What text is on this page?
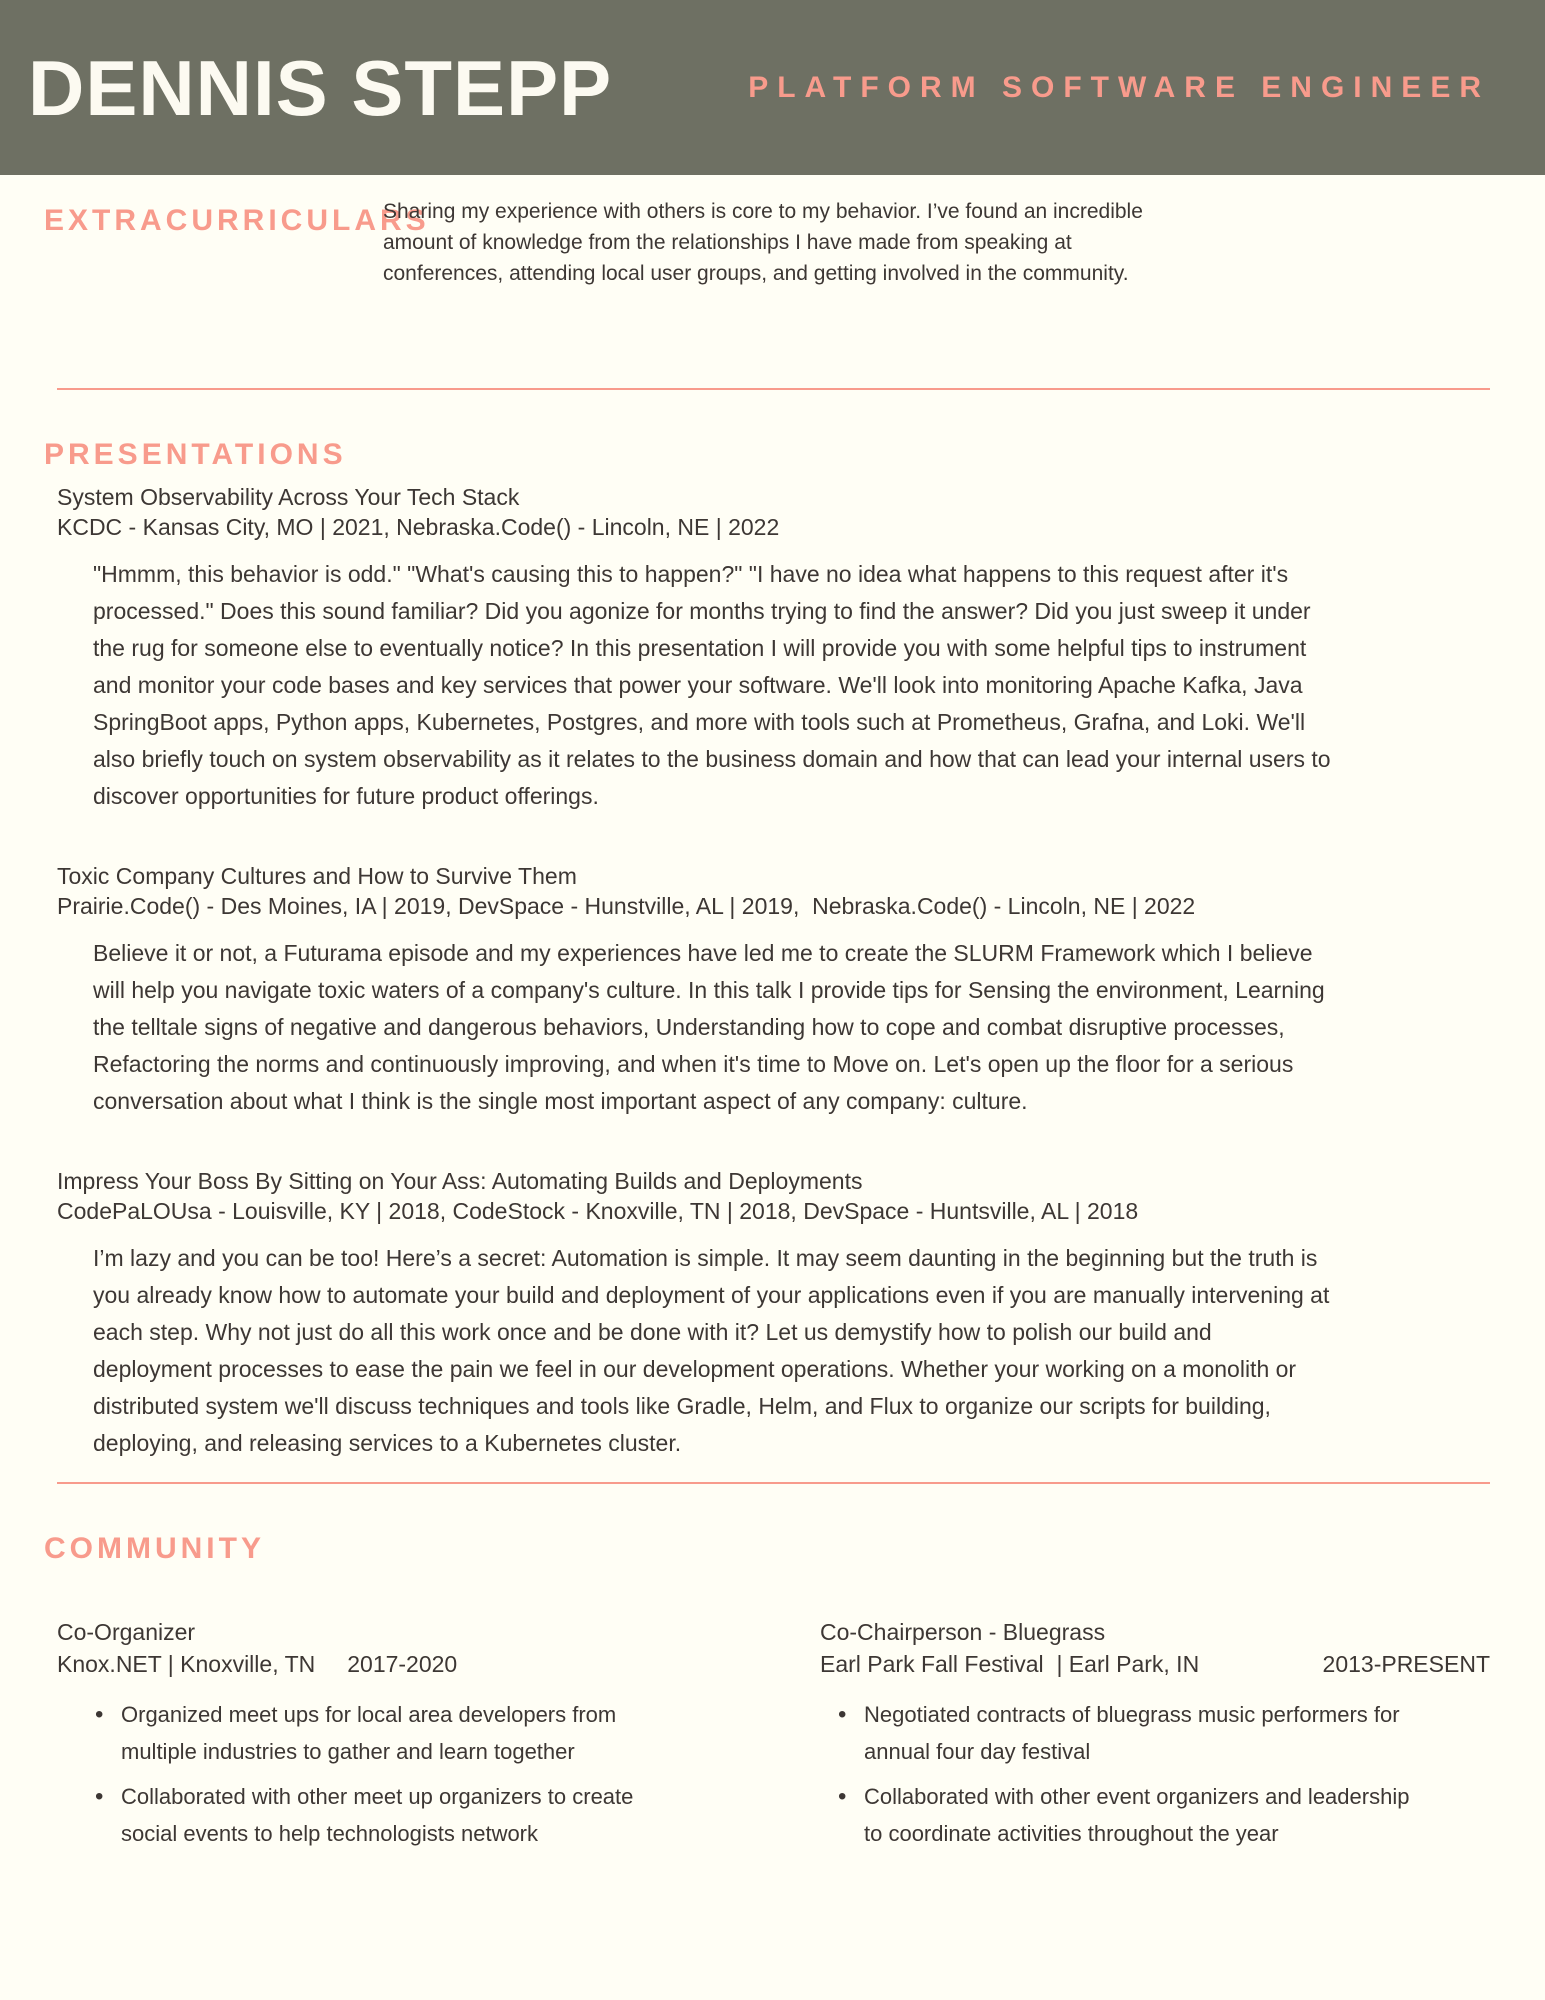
DENNIS STEPP	PLATFORM SOFTWARE ENGINEER
EXTRACURRICULARS

Sharing my experience with others is core to my behavior. I’ve found an incredible amount of knowledge from the relationships I have made from speaking at conferences, attending local user groups, and getting involved in the community.

PRESENTATIONS

System Observability Across Your Tech Stack

KCDC - Kansas City, MO | 2021, Nebraska.Code() - Lincoln, NE | 2022

"Hmmm, this behavior is odd." "What's causing this to happen?" "I have no idea what happens to this request after it's processed." Does this sound familiar? Did you agonize for months trying to find the answer? Did you just sweep it under the rug for someone else to eventually notice? In this presentation I will provide you with some helpful tips to instrument and monitor your code bases and key services that power your software. We'll look into monitoring Apache Kafka, Java SpringBoot apps, Python apps, Kubernetes, Postgres, and more with tools such at Prometheus, Grafna, and Loki. We'll also briefly touch on system observability as it relates to the business domain and how that can lead your internal users to discover opportunities for future product offerings.

Toxic Company Cultures and How to Survive Them

Prairie.Code() - Des Moines, IA | 2019, DevSpace - Hunstville, AL | 2019,  Nebraska.Code() - Lincoln, NE | 2022

Believe it or not, a Futurama episode and my experiences have led me to create the SLURM Framework which I believe will help you navigate toxic waters of a company's culture. In this talk I provide tips for Sensing the environment, Learning the telltale signs of negative and dangerous behaviors, Understanding how to cope and combat disruptive processes, Refactoring the norms and continuously improving, and when it's time to Move on. Let's open up the floor for a serious conversation about what I think is the single most important aspect of any company: culture.

Impress Your Boss By Sitting on Your Ass: Automating Builds and Deployments

CodePaLOUsa - Louisville, KY | 2018, CodeStock - Knoxville, TN | 2018, DevSpace - Huntsville, AL | 2018

I’m lazy and you can be too! Here’s a secret: Automation is simple. It may seem daunting in the beginning but the truth is you already know how to automate your build and deployment of your applications even if you are manually intervening at each step. Why not just do all this work once and be done with it? Let us demystify how to polish our build and deployment processes to ease the pain we feel in our development operations. Whether your working on a monolith or distributed system we'll discuss techniques and tools like Gradle, Helm, and Flux to organize our scripts for building, deploying, and releasing services to a Kubernetes cluster.

COMMUNITY

Co-Organizer

Knox.NET | Knoxville, TN 2017-2020
• Organized meet ups for local area developers from multiple industries to gather and learn together
• Collaborated with other meet up organizers to create social events to help technologists network

Co-Chairperson - Bluegrass

Earl Park Fall Festival  | Earl Park, IN	2013-PRESENT
• Negotiated contracts of bluegrass music performers for annual four day festival
• Collaborated with other event organizers and leadership to coordinate activities throughout the year
